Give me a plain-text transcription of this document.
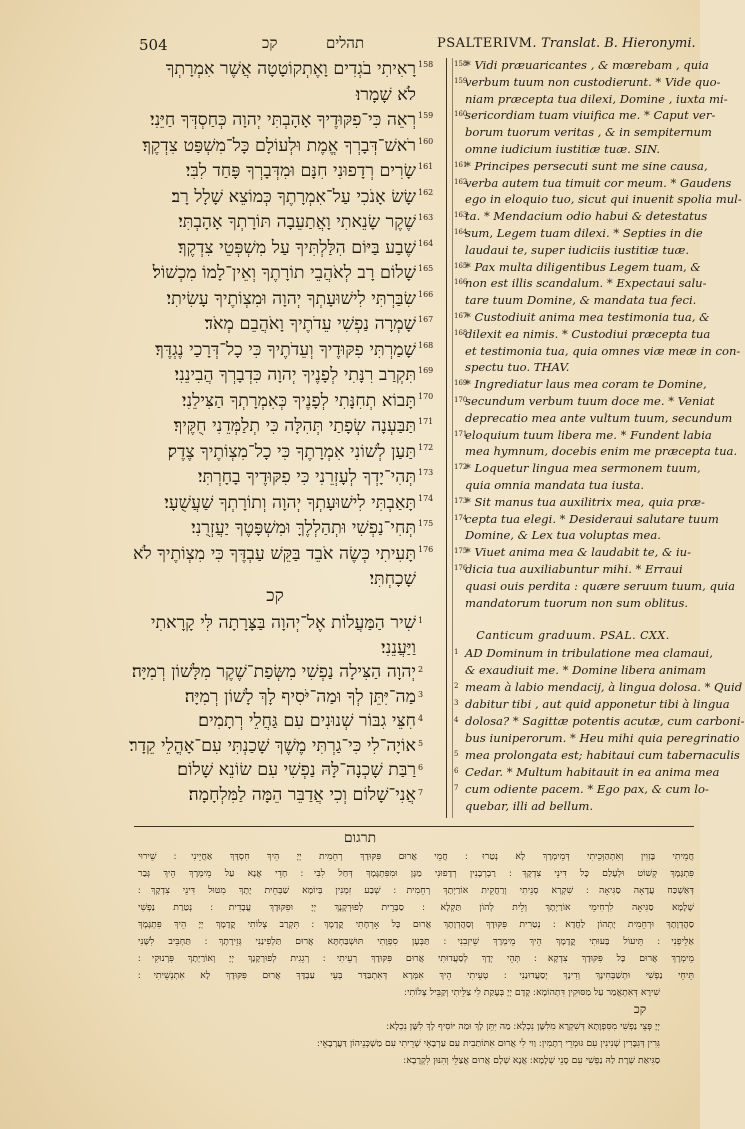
504	תהלים
קכ	PSALTERIVM. Translat. B. Hieronymi.
רָאִיתִי בֹגְדִים וָאֶתְקוֹטָטָה אֲשֶׁר אִמְרָתְךָ 158
לֹא שָׁמָרוּ׃
רְאֵה כִּי־פִקּוּדֶיךָ אָהָבְתִּי יְהוָה כְּחַסְדְּךָ חַיֵּנִי׃ 159
רֹאשׁ־דְּבָרְךָ אֱמֶת וּלְעוֹלָם כָּל־מִשְׁפַּט צִדְקֶךָ׃ 160
שָׂרִים רְדָפוּנִי חִנָּם וּמִדְּבָרְךָ פָּחַד לִבִּי׃ 161
שָׂשׂ אָנֹכִי עַל־אִמְרָתֶךָ כְּמוֹצֵא שָׁלָל רָב׃ 162
שֶׁקֶר שָׂנֵאתִי וָאֲתַעֵבָה תּוֹרָתְךָ אָהָבְתִּי׃ 163
שֶׁבַע בַּיּוֹם הִלַּלְתִּיךָ עַל מִשְׁפְּטֵי צִדְקֶךָ׃ 164
שָׁלוֹם רָב לְאֹהֲבֵי תוֹרָתֶךָ וְאֵין־לָמוֹ מִכְשׁוֹל׃ 165
שִׂבַּרְתִּי לִישׁוּעָתְךָ יְהוָה וּמִצְוֹתֶיךָ עָשִׂיתִי׃ 166
שָׁמְרָה נַפְשִׁי עֵדֹתֶיךָ וָאֹהֲבֵם מְאֹד׃ 167
שָׁמַרְתִּי פִקּוּדֶיךָ וְעֵדֹתֶיךָ כִּי כָל־דְּרָכַי נֶגְדֶּךָ׃ 168
תִּקְרַב רִנָּתִי לְפָנֶיךָ יְהוָה כִּדְבָרְךָ הֲבִינֵנִי׃ 169
תָּבוֹא תְחִנָּתִי לְפָנֶיךָ כְּאִמְרָתְךָ הַצִּילֵנִי׃ 170
תַּבַּעְנָה שְׂפָתַי תְּהִלָּה כִּי תְלַמְּדֵנִי חֻקֶּיךָ׃ 171
תַּעַן לְשׁוֹנִי אִמְרָתֶךָ כִּי כָל־מִצְוֹתֶיךָ צֶדֶק׃ 172
תְּהִי־יָדְךָ לְעָזְרֵנִי כִּי פִקּוּדֶיךָ בָחָרְתִּי׃ 173
תָּאַבְתִּי לִישׁוּעָתְךָ יְהוָה וְתוֹרָתְךָ שַׁעֲשֻׁעָי׃ 174
תְּחִי־נַפְשִׁי וּתְהַלְלֶךָּ וּמִשְׁפָּטֶךָ יַעֲזְרֻנִי׃ 175
תָּעִיתִי כְּשֶׂה אֹבֵד בַּקֵּשׁ עַבְדֶּךָ כִּי מִצְוֹתֶיךָ לֹא 176
שָׁכָחְתִּי׃
שִׁיר הַמַּעֲלוֹת אֶל־יְהוָה בַּצָּרָתָה לִּי קָרָאתִי 1
וַיַּעֲנֵנִי׃
יְהוָה הַצִּילָה נַפְשִׁי מִשְּׂפַת־שֶׁקֶר מִלָּשׁוֹן רְמִיָּה׃ 2
מַה־יִּתֵּן לְךָ וּמַה־יֹּסִיף לָךְ לָשׁוֹן רְמִיָּה׃ 3
חִצֵּי גִבּוֹר שְׁנוּנִים עִם גַּחֲלֵי רְתָמִים׃ 4
אוֹיָה־לִי כִּי־גַרְתִּי מֶשֶׁךְ שָׁכַנְתִּי עִם־אָהֳלֵי קֵדָר׃ 5
רַבַּת שָׁכְנָה־לָּהּ נַפְשִׁי עִם שׂוֹנֵא שָׁלוֹם׃ 6
אֲנִי־שָׁלוֹם וְכִי אֲדַבֵּר הֵמָּה לַמִּלְחָמָה׃ 7
קכ
* Vidi præuaricantes , & mœrebam , quia
158
verbum tuum non custodierunt. * Vide quo-
159
niam præcepta tua dilexi, Domine , iuxta mi-
sericordiam tuam viuifica me. * Caput ver-
160
borum tuorum veritas , & in sempiternum
omne iudicium iustitiæ tuæ. SIN.
* Principes persecuti sunt me sine causa,
161
verba autem tua timuit cor meum. * Gaudens
162
ego in eloquio tuo, sicut qui inuenit spolia mul-
ta. * Mendacium odio habui & detestatus
163
sum, Legem tuam dilexi. * Septies in die
164
laudaui te, super iudiciis iustitiæ tuæ.
* Pax multa diligentibus Legem tuam, &
165
non est illis scandalum. * Expectaui salu-
166
tare tuum Domine, & mandata tua feci.
* Custodiuit anima mea testimonia tua, &
167
dilexit ea nimis. * Custodiui præcepta tua
168
et testimonia tua, quia omnes viæ meæ in con-
spectu tuo. THAV.
* Ingrediatur laus mea coram te Domine,
169
secundum verbum tuum doce me. * Veniat
170
deprecatio mea ante vultum tuum, secundum
eloquium tuum libera me. * Fundent labia
171
mea hymnum, docebis enim me præcepta tua.
* Loquetur lingua mea sermonem tuum,
172
quia omnia mandata tua iusta.
* Sit manus tua auxilitrix mea, quia præ-
173
cepta tua elegi. * Desideraui salutare tuum
174
Domine, & Lex tua voluptas mea.
* Viuet anima mea & laudabit te, & iu-
175
dicia tua auxiliabuntur mihi. * Erraui
176
quasi ouis perdita : quære seruum tuum, quia
mandatorum tuorum non sum oblitus.
AD Dominum in tribulatione mea clamaui,
1
& exaudiuit me. * Domine libera animam
meam à labio mendacij, à lingua dolosa. * Quid
2
dabitur tibi , aut quid apponetur tibi à lingua
3
dolosa? * Sagittæ potentis acutæ, cum carboni-
4
bus iuniperorum. * Heu mihi quia peregrinatio
mea prolongata est; habitaui cum tabernaculis
5
Cedar. * Multum habitauit in ea anima mea
6
cum odiente pacem. * Ego pax, & cum lo-
7
quebar, illi ad bellum.
Canticum graduum. PSAL. CXX.
תרגום
קכ
חֲמֵיתִי בָּזְוִין וְאִתְהַוְּכֵיתִי דְּמֵימְרָךְ לָא נְטַרוּ ׃ חֲמֵי אֲרוּם פִּקּוּדָךְ רְחֵמִית יְיָ הֵיךְ חִסְדָּךְ אַחֲיֵינִי ׃ שֵׁירוּי
פִּתְגָּמָךְ קְשׁוֹט וּלְעָלַם כָּל דִּינֵי צִדְקָךְ ׃ רַבְרְבָנִין רְדָפוּנִי מַגָּן וּמִפִּתְגָּמָךְ דְּחַל לִבִּי ׃ חָדֵי אֲנָא עַל מֵימְרָךְ הֵיךְ גְּבַר
דְּאַשְׁכַּח עֲדָאָה סַגִּיאָה ׃ שִׁקְרָא סְנֵיתִי וְרַחֲקֵית אוֹרַיְתָךְ רְחֵמִית ׃ שְׁבַע זִמְנִין בְּיוֹמָא שַׁבְּחֵית יָתָךְ מִטּוּל דִּינֵי צִדְקָךְ ׃
שְׁלָמָא סַגִּיאָה לִרְחִימֵי אוֹרַיְתָךְ וְלֵית לְהוֹן תַּקְלָא ׃ סַבְּרֵית לְפוּרְקָנָךְ יְיָ וּפִקּוּדָךְ עֲבָדִית ׃ נְטַרַת נַפְשִׁי
סַהֲדְוָתָךְ וּרְחֵמִית יָתְהוֹן לַחֲדָא ׃ נְטַרִית פִּקּוּדָךְ וְסַהֲדְוָתָךְ אֲרוּם כָּל אָרְחָתִי קֳדָמָךְ ׃ תִּקְרַב צְלוֹתִי קֳדָמָךְ יְיָ הֵיךְ פִּתְגָּמָךְ
אַלֵּיפְנִי ׃ תֵּיעוֹל בָּעוּתִי קֳדָמָךְ הֵיךְ מֵימְרָךְ שֵׁיזְבִנִי ׃ תַּבְּעָן סִפְוָתִי תּוּשְׁבַּחְתָּא אֲרוּם תַּלְפִינַנִי גְּזֵירָתָךְ ׃ תַּחְבֵּיב לִשָּׁנִי
מֵימְרָךְ אֲרוּם כָּל פִּקּוּדָךְ צִדְקָא ׃ תְּהֵי יְדָךְ לְסַעֲדוּתִי אֲרוּם פִּקּוּדָךְ רְעֵיתִי ׃ רְגֵגִית לְפוּרְקָנָךְ יְיָ וְאוֹרַיְתָךְ פִּרְנוּקִי ׃
תֵּיחֵי נַפְשִׁי וּתְשַׁבְּחִינָךְ וְדִינָךְ יְסַעֲדוּנַנִי ׃ טְעֵיתִי הֵיךְ אִמְּרָא דְּאִתְבַּדַּר בְּעֵי עַבְדָּךְ אֲרוּם פִּקּוּדָךְ לָא אִתְנְשֵׁיתִי ׃
שִׁירָא דְּאִתְאֲמַר עַל מַסּוּקִין דִּתְהוֹמָא ׃ קָדָם יְיָ בְּעָקַת לִי צַלֵּיתִי וְקַבֵּיל צְלוֹתִי ׃
יְיָ פְּצֵי נַפְשִׁי מִסִּפְוָתָא דְּשִׁקְרָא מִלִּשָּׁן נִכְלָא ׃ מַה יִּתֵּן לָךְ וּמַה יּוֹסִיף לָךְ לִשָּׁן נִכְלָא ׃
גִּרִין דְּגִבָּרִין שְׁנִינִין עִם גּוּמְרֵי רְתָמִין ׃ וַוי לִי אֲרוּם אִתּוֹתַבִית עִם עַרְבָאֵי שְׁרֵיתִי עִם מַשְׁכְּנֵיהוֹן דַּעֲרָבָאֵי ׃
סַגִּיאַת שְׁרָת לַהּ נַפְשִׁי עִם סָנֵי שְׁלָמָא ׃ אֲנָא שְׁלָם אֲרוּם אֲצַלֵּי וְהִנּוּן לִקְרָבָא ׃
